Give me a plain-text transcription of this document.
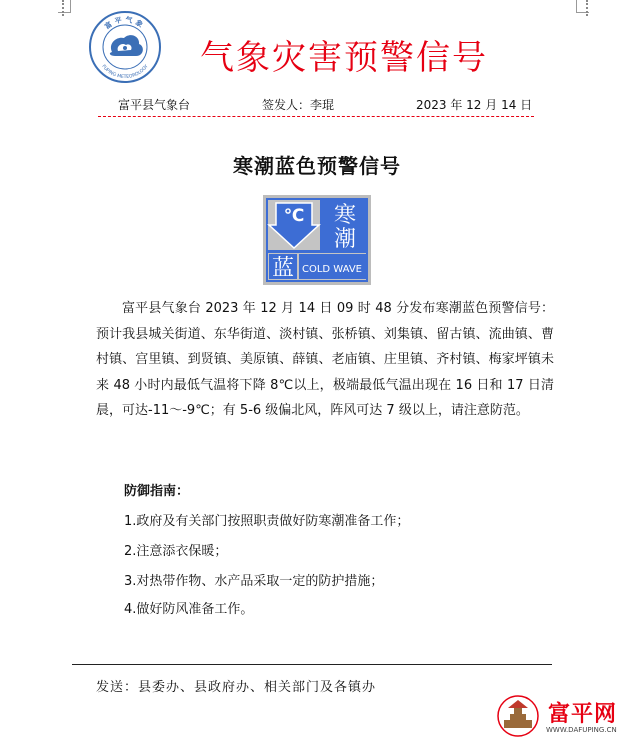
富平气象
FUPING METEOROLOGY 气象灾害预警信号
富平县气象台	签发人：李琨	2023 年 12 月 14 日
寒潮蓝色预警信号
℃ 寒
潮
蓝 COLD WAVE

富平县气象台 2023 年 12 月 14 日 09 时 48 分发布寒潮蓝色预警信号：预计我县城关街道、东华街道、淡村镇、张桥镇、刘集镇、留古镇、流曲镇、曹村镇、宫里镇、到贤镇、美原镇、薛镇、老庙镇、庄里镇、齐村镇、梅家坪镇未来 48 小时内最低气温将下降 8℃以上，极端最低气温出现在 16 日和 17 日清晨，可达-11～-9℃；有 5-6 级偏北风，阵风可达 7 级以上，请注意防范。

防御指南：
1.政府及有关部门按照职责做好防寒潮准备工作；
2.注意添衣保暖；
3.对热带作物、水产品采取一定的防护措施；
4.做好防风准备工作。
发送：县委办、县政府办、相关部门及各镇办
富平网
WWW.DAFUPING.CN
